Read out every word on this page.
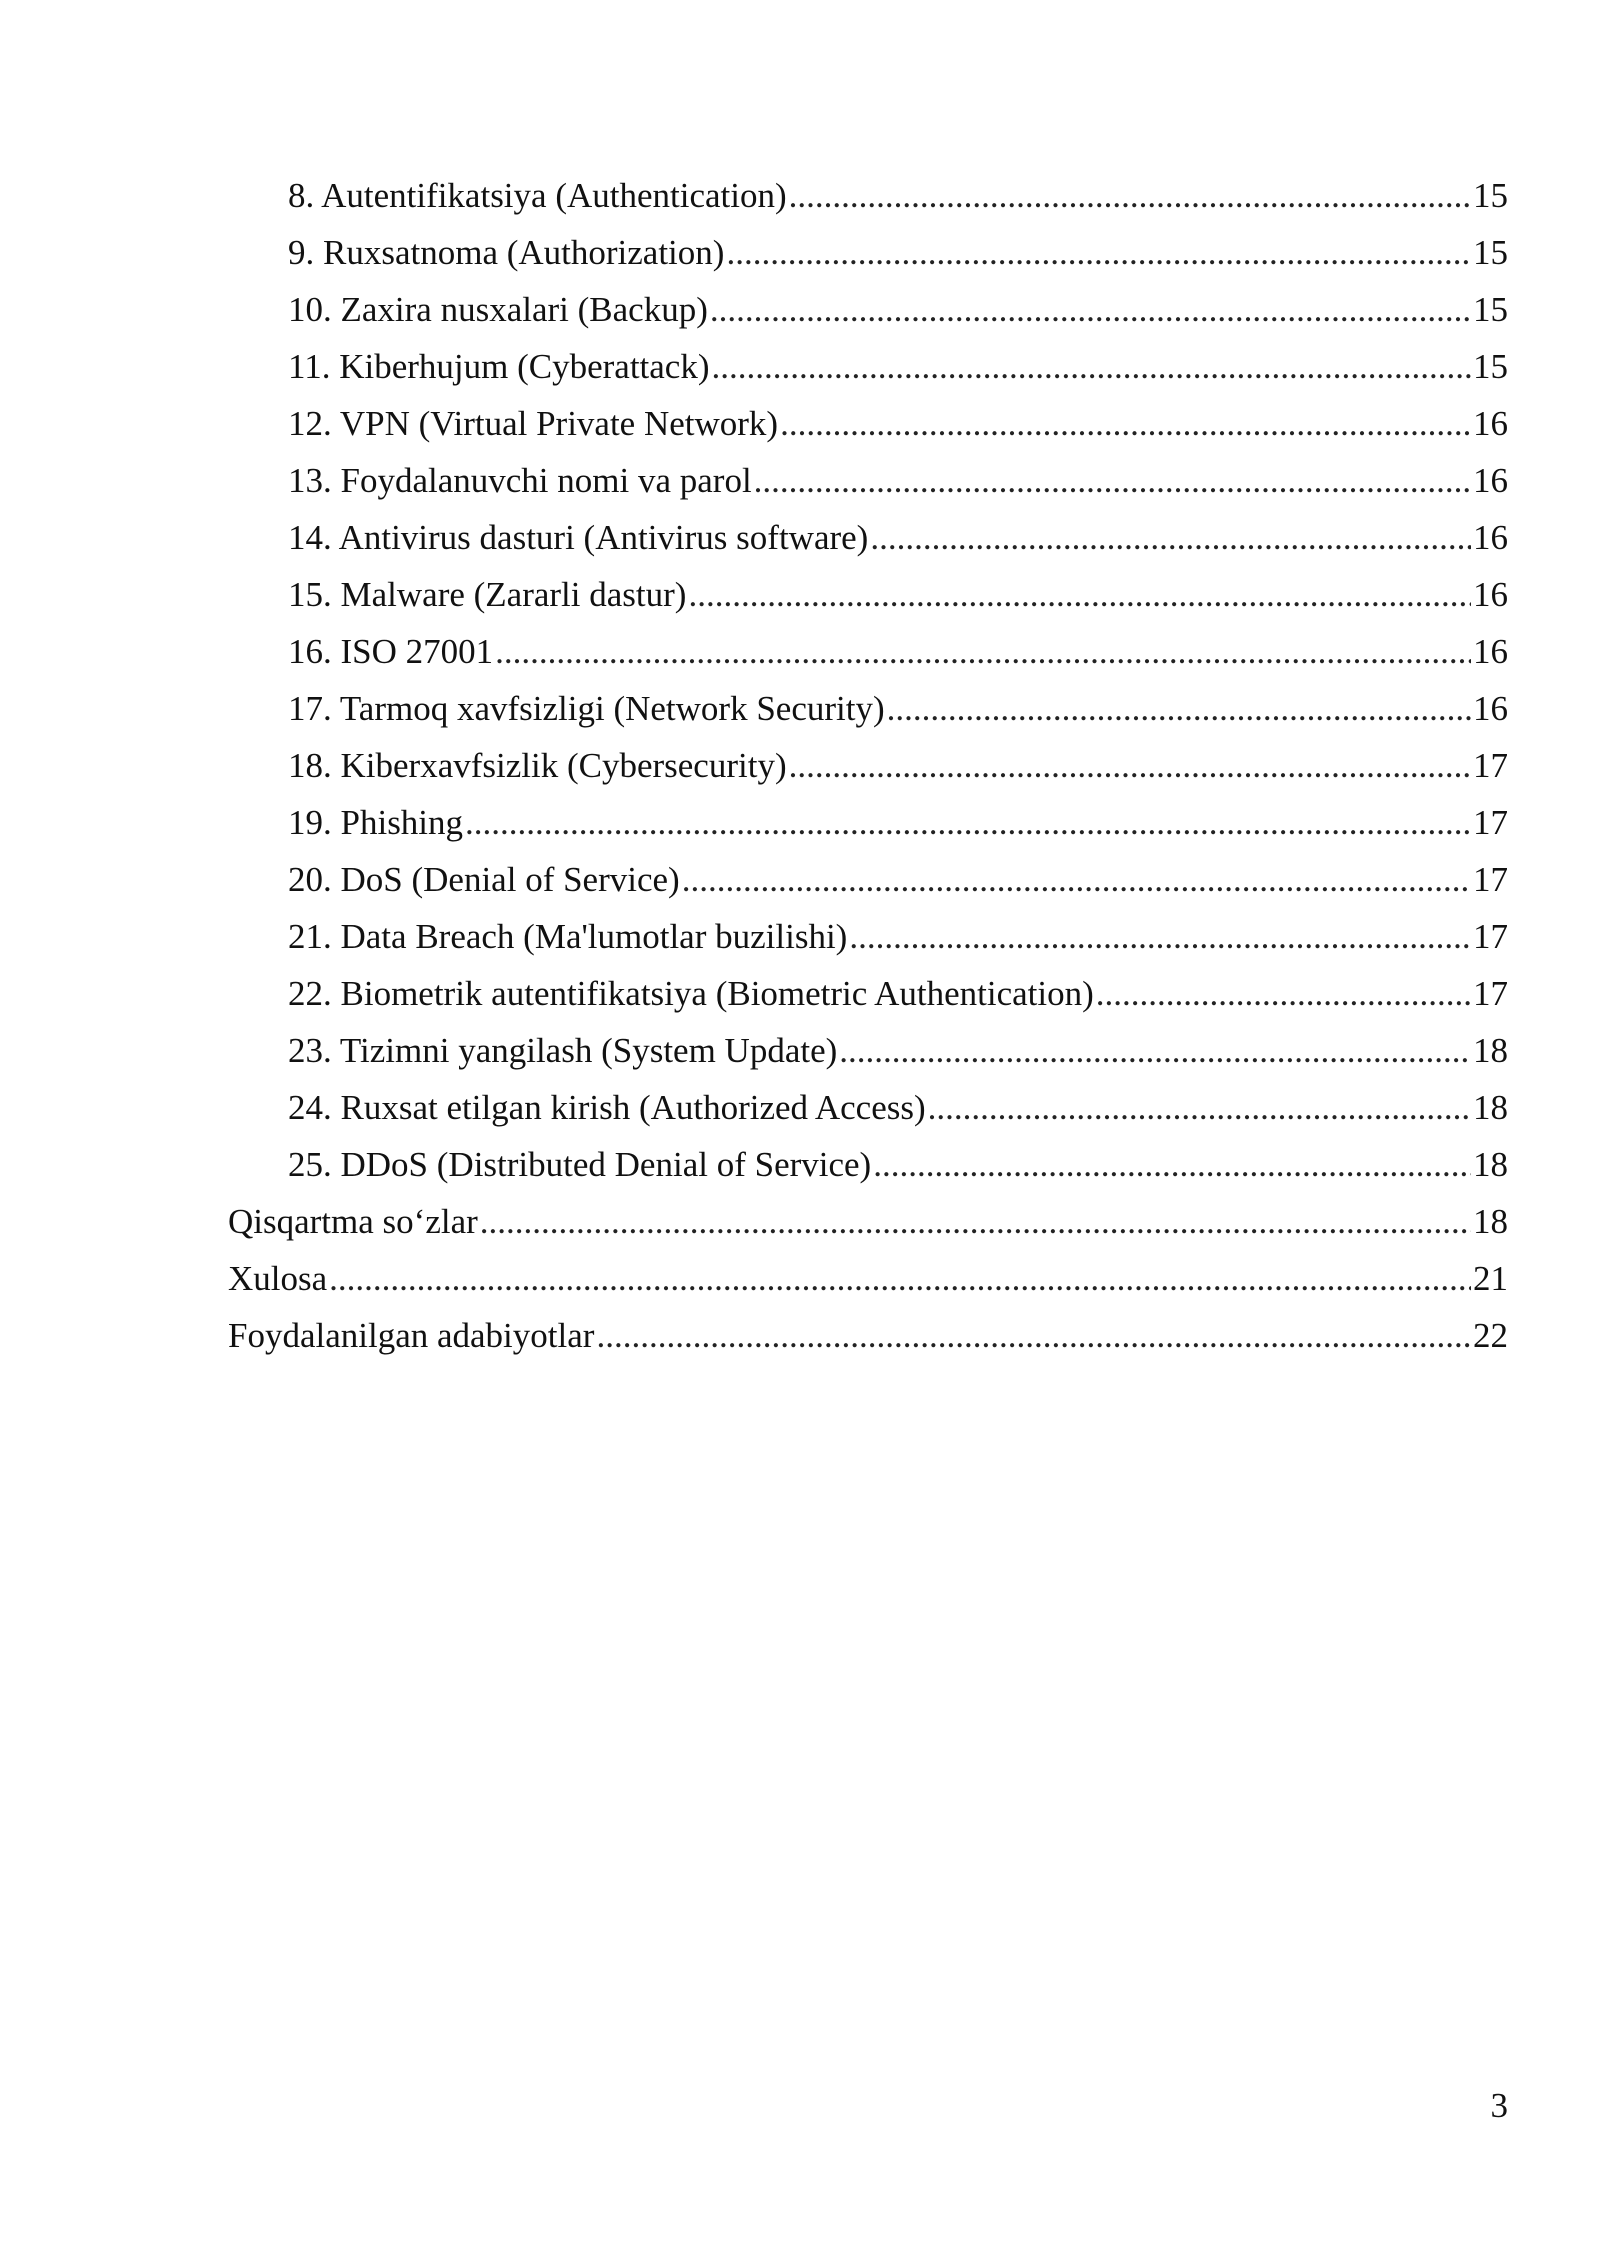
8. Autentifikatsiya (Authentication) .....	15
9. Ruxsatnoma (Authorization) .....	15
10. Zaxira nusxalari (Backup) .....	15
11. Kiberhujum (Cyberattack) .....	15
12. VPN (Virtual Private Network) .....	16
13. Foydalanuvchi nomi va parol .....	16
14. Antivirus dasturi (Antivirus software) .....	16
15. Malware (Zararli dastur) .....	16
16. ISO 27001 .....	16
17. Tarmoq xavfsizligi (Network Security) .....	16
18. Kiberxavfsizlik (Cybersecurity) .....	17
19. Phishing .....	17
20. DoS (Denial of Service) .....	17
21. Data Breach (Ma'lumotlar buzilishi) .....	17
22. Biometrik autentifikatsiya (Biometric Authentication) .....	17
23. Tizimni yangilash (System Update) .....	18
24. Ruxsat etilgan kirish (Authorized Access) .....	18
25. DDoS (Distributed Denial of Service) .....	18
Qisqartma so‘zlar .....	18
Xulosa .....	21
Foydalanilgan adabiyotlar .....	22
3
